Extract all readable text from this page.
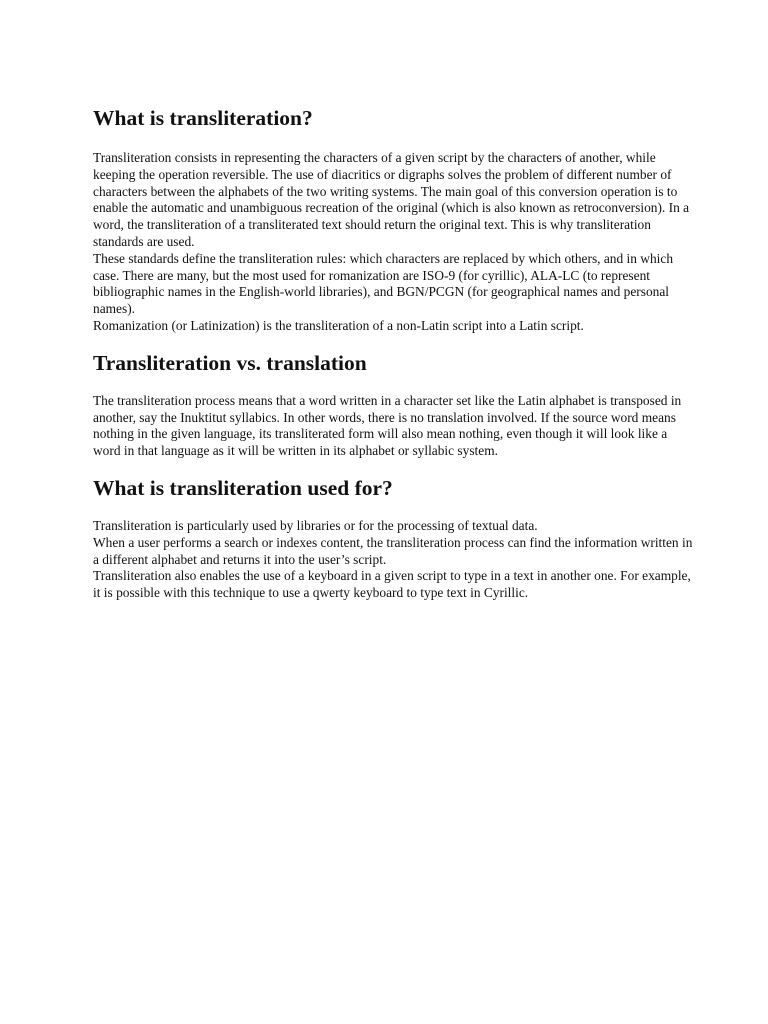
What is transliteration?

Transliteration consists in representing the characters of a given script by the characters of another, while keeping the operation reversible. The use of diacritics or digraphs solves the problem of different number of characters between the alphabets of the two writing systems. The main goal of this conversion operation is to enable the automatic and unambiguous recreation of the original (which is also known as retroconversion). In a word, the transliteration of a transliterated text should return the original text. This is why transliteration standards are used.

These standards define the transliteration rules: which characters are replaced by which others, and in which case. There are many, but the most used for romanization are ISO-9 (for cyrillic), ALA-LC (to represent bibliographic names in the English-world libraries), and BGN/PCGN (for geographical names and personal names).

Romanization (or Latinization) is the transliteration of a non-Latin script into a Latin script.

Transliteration vs. translation

The transliteration process means that a word written in a character set like the Latin alphabet is transposed in another, say the Inuktitut syllabics. In other words, there is no translation involved. If the source word means nothing in the given language, its transliterated form will also mean nothing, even though it will look like a word in that language as it will be written in its alphabet or syllabic system.

What is transliteration used for?

Transliteration is particularly used by libraries or for the processing of textual data.

When a user performs a search or indexes content, the transliteration process can find the information written in a different alphabet and returns it into the user’s script.

Transliteration also enables the use of a keyboard in a given script to type in a text in another one. For example, it is possible with this technique to use a qwerty keyboard to type text in Cyrillic.
